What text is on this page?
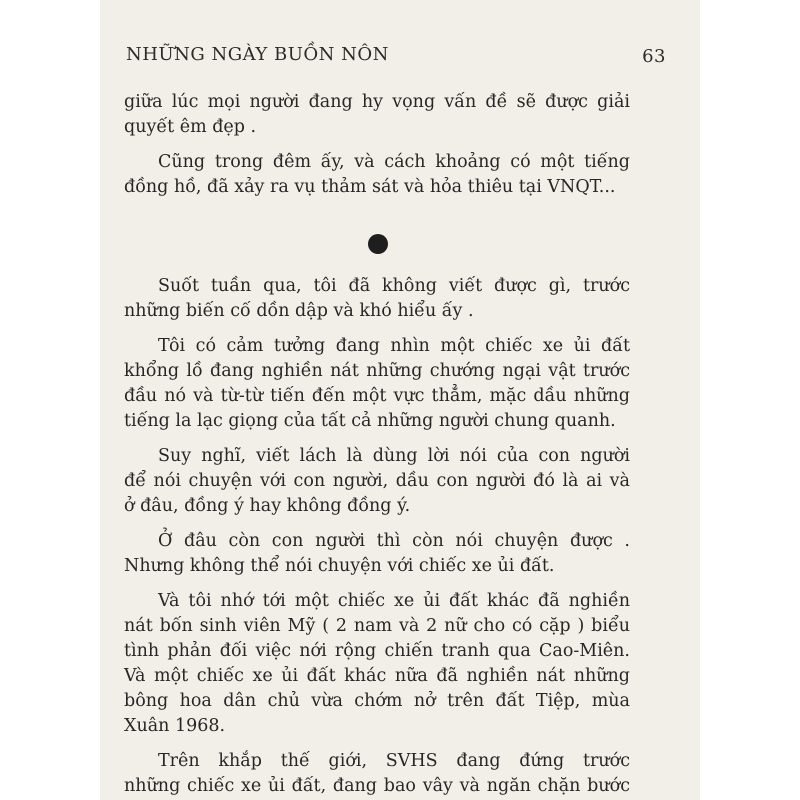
NHỮNG NGÀY BUỒN NÔN	63
giữa lúc mọi người đang hy vọng vấn đề sẽ được giải
quyết êm đẹp .
Cũng trong đêm ấy, và cách khoảng có một tiếng
đồng hồ, đã xảy ra vụ thảm sát và hỏa thiêu tại VNQT...
Suốt tuần qua, tôi đã không viết được gì, trước
những biến cố dồn dập và khó hiểu ấy .
Tôi có cảm tưởng đang nhìn một chiếc xe ủi đất
khổng lồ đang nghiền nát những chướng ngại vật trước
đầu nó và từ-từ tiến đến một vực thẳm, mặc dầu những
tiếng la lạc giọng của tất cả những người chung quanh.
Suy nghĩ, viết lách là dùng lời nói của con người
để nói chuyện với con người, dầu con người đó là ai và
ở đâu, đồng ý hay không đồng ý.
Ở đâu còn con người thì còn nói chuyện được .
Nhưng không thể nói chuyện với chiếc xe ủi đất.
Và tôi nhớ tới một chiếc xe ủi đất khác đã nghiền
nát bốn sinh viên Mỹ ( 2 nam và 2 nữ cho có cặp ) biểu
tình phản đối việc nới rộng chiến tranh qua Cao-Miên.
Và một chiếc xe ủi đất khác nữa đã nghiền nát những
bông hoa dân chủ vừa chớm nở trên đất Tiệp, mùa
Xuân 1968.
Trên khắp thế giới, SVHS đang đứng trước
những chiếc xe ủi đất, đang bao vây và ngăn chặn bước
